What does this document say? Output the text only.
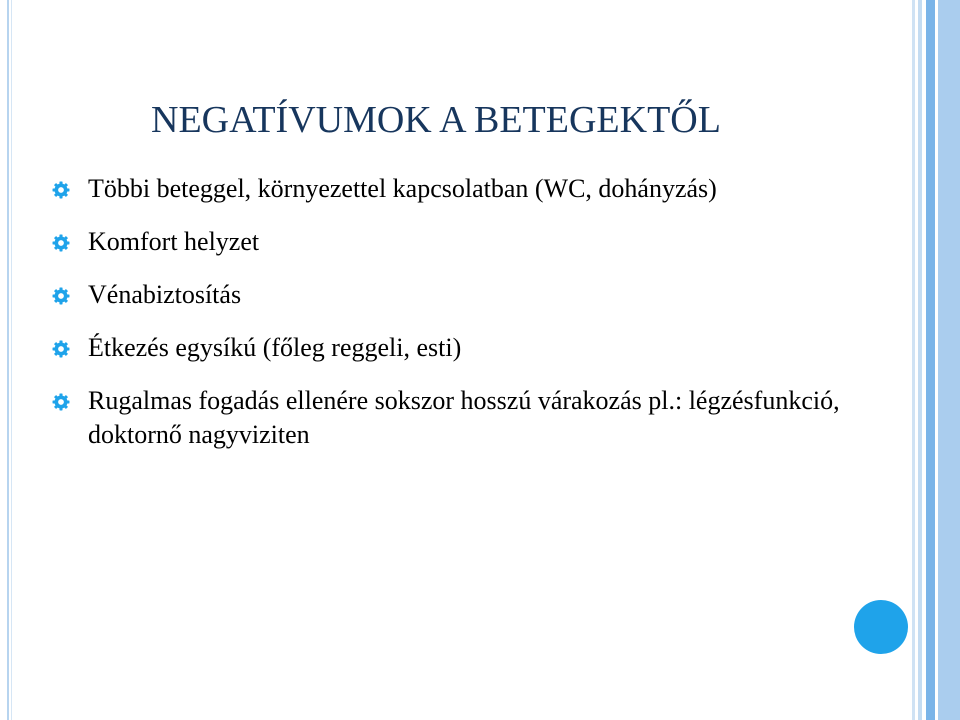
NEGATÍVUMOK A BETEGEKTŐL
Többi beteggel, környezettel kapcsolatban (WC, dohányzás)
Komfort helyzet
Vénabiztosítás
Étkezés egysíkú (főleg reggeli, esti)
Rugalmas fogadás ellenére sokszor hosszú várakozás pl.: légzésfunkció, doktornő nagyviziten
